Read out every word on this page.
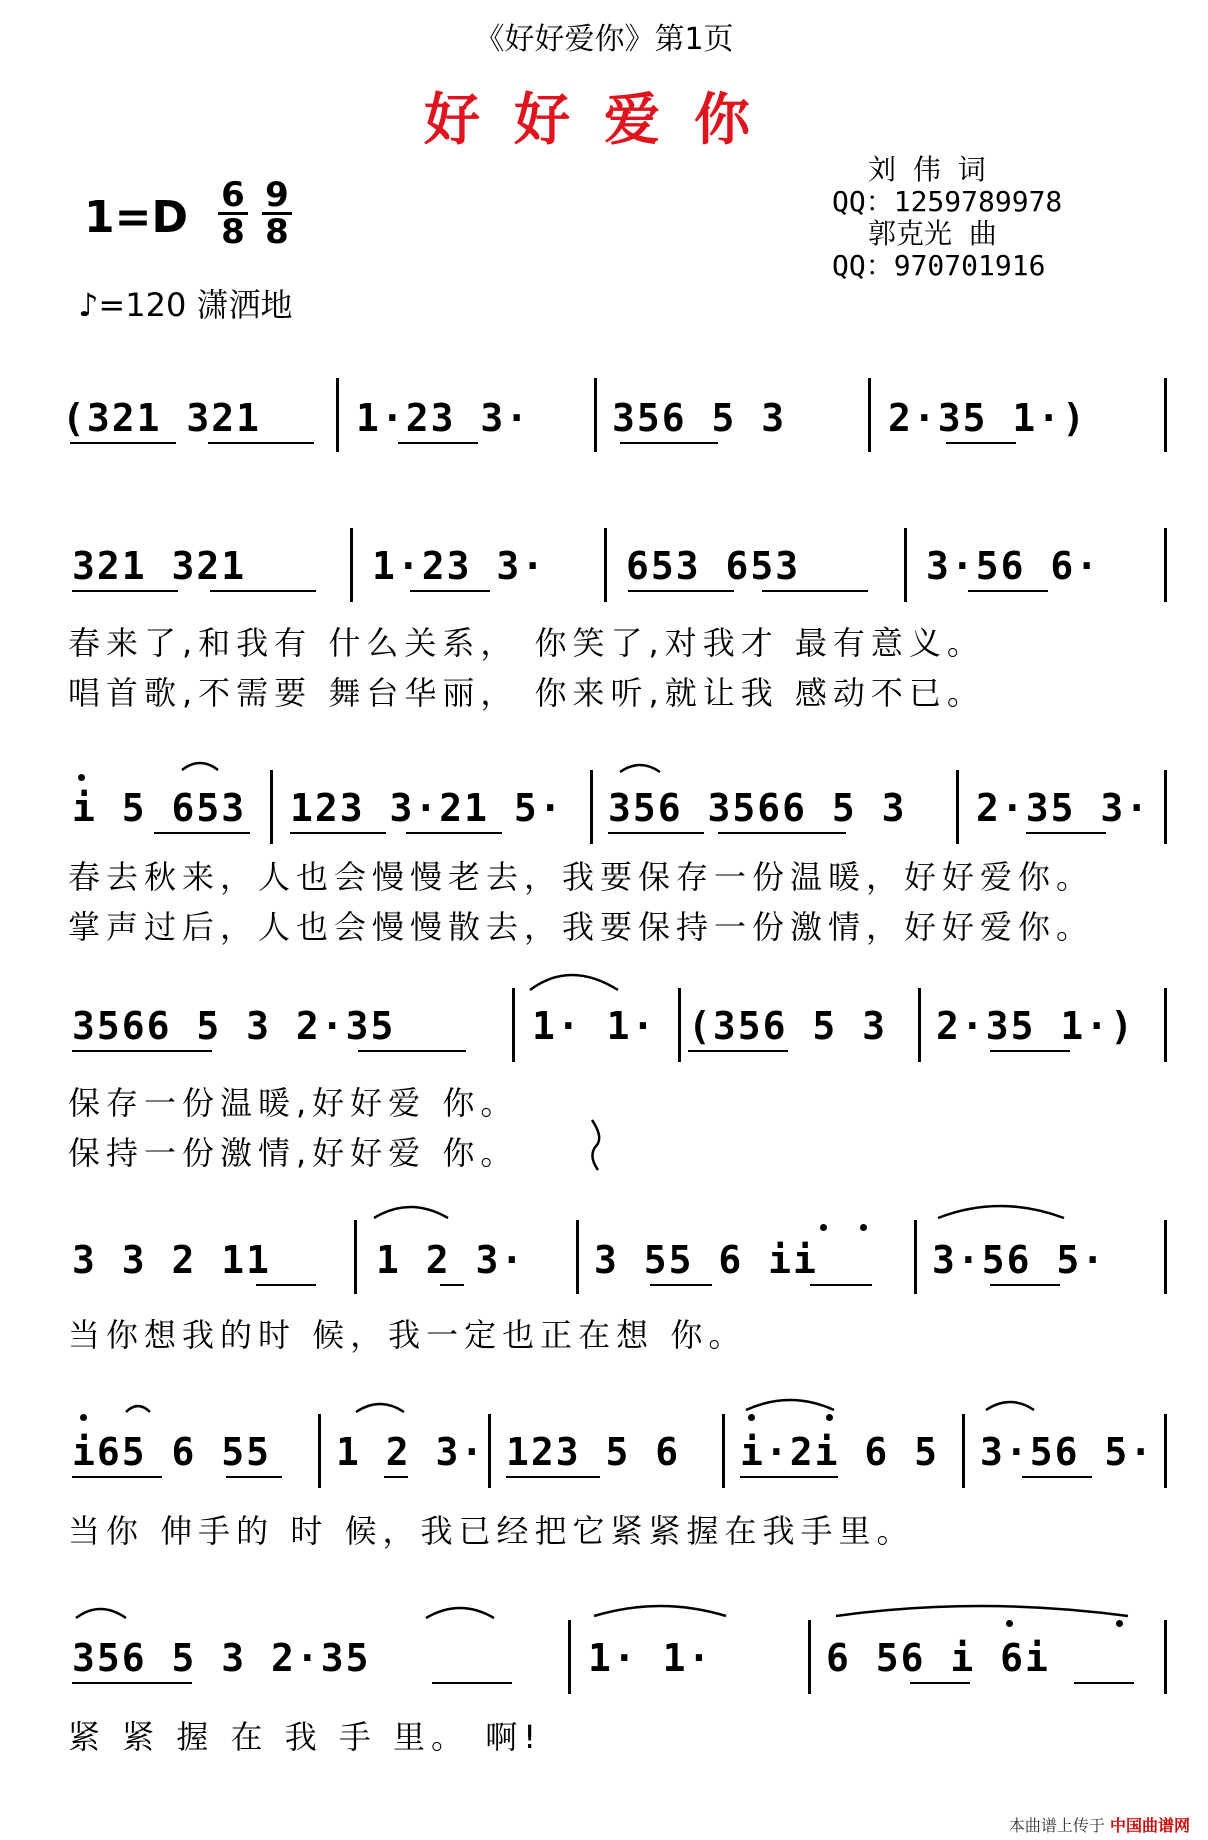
《好好爱你》第1页
好好爱你
刘 伟 词
QQ：1259789978
郭克光 曲
QQ：970701916
$1=D \frac{6}{8} \frac{9}{8}$
♪=120 潇洒地
(321 321 1·23 3· 356 5 3	2·35 1·)
321 321	1·23 3· 653 653	3·56 6·
春来了,和我有 什么关系， 你笑了,对我才 最有意义。
唱首歌,不需要 舞台华丽， 你来听,就让我 感动不已。
i 5 653 123 3·21 5· 356 3566 5 3 2·35 3·
春去秋来，人也会慢慢老去，我要保存一份温暖，好好爱你。
掌声过后，人也会慢慢散去，我要保持一份激情，好好爱你。
3566 5 3 2·35	1· 1· (356 5 3 2·35 1·)
保存一份温暖,好好爱 你。
保持一份激情,好好爱 你。
3 3 2 11	1 2 3· 3 55 6 ii	3·56 5·
当你想我的时 候，我一定也正在想 你。
i65 6 55 1 2 3· 123 5 6 i·2i 6 5 3·56 5·
当你 伸手的 时 候，我已经把它紧紧握在我手里。
356 5 3 2·35	1· 1·	6 56 i 6i
紧 紧 握 在 我 手 里。 啊!
本曲谱上传于 中国曲谱网
